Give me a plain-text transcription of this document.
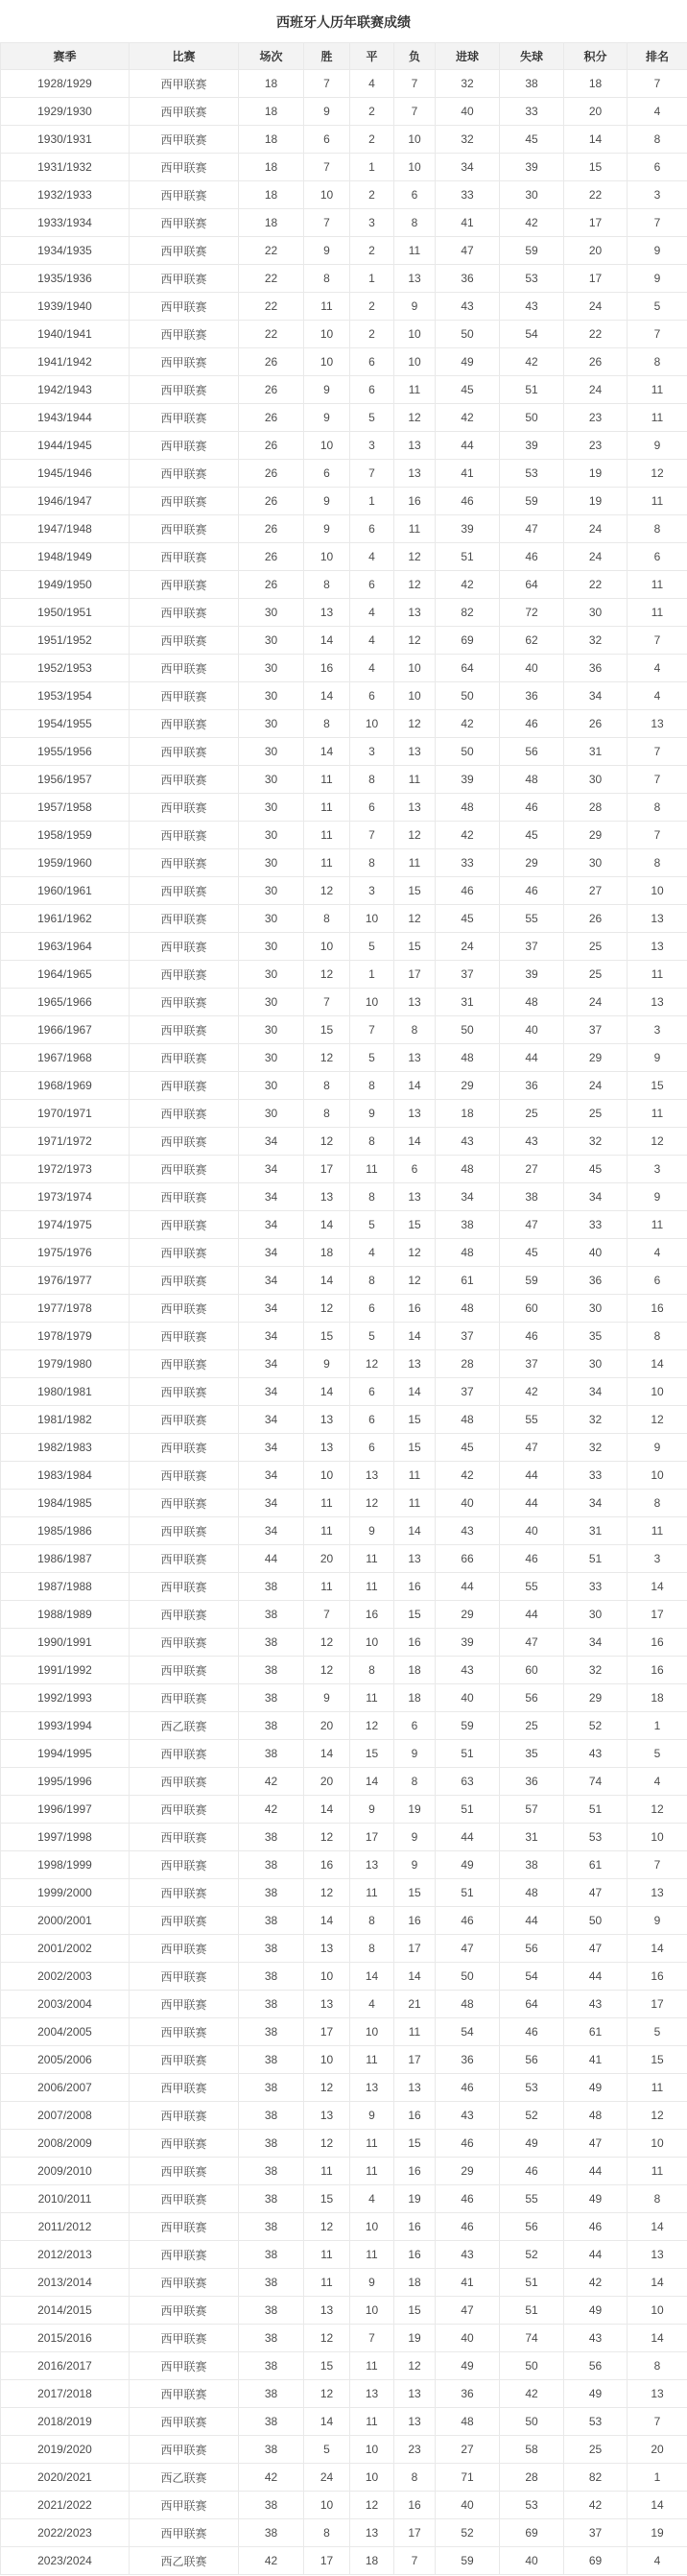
西班牙人历年联赛成绩
赛季	比赛	场次	胜	平	负	进球	失球	积分	排名
1928/1929	西甲联赛	18	7	4	7	32	38	18	7
1929/1930	西甲联赛	18	9	2	7	40	33	20	4
1930/1931	西甲联赛	18	6	2	10	32	45	14	8
1931/1932	西甲联赛	18	7	1	10	34	39	15	6
1932/1933	西甲联赛	18	10	2	6	33	30	22	3
1933/1934	西甲联赛	18	7	3	8	41	42	17	7
1934/1935	西甲联赛	22	9	2	11	47	59	20	9
1935/1936	西甲联赛	22	8	1	13	36	53	17	9
1939/1940	西甲联赛	22	11	2	9	43	43	24	5
1940/1941	西甲联赛	22	10	2	10	50	54	22	7
1941/1942	西甲联赛	26	10	6	10	49	42	26	8
1942/1943	西甲联赛	26	9	6	11	45	51	24	11
1943/1944	西甲联赛	26	9	5	12	42	50	23	11
1944/1945	西甲联赛	26	10	3	13	44	39	23	9
1945/1946	西甲联赛	26	6	7	13	41	53	19	12
1946/1947	西甲联赛	26	9	1	16	46	59	19	11
1947/1948	西甲联赛	26	9	6	11	39	47	24	8
1948/1949	西甲联赛	26	10	4	12	51	46	24	6
1949/1950	西甲联赛	26	8	6	12	42	64	22	11
1950/1951	西甲联赛	30	13	4	13	82	72	30	11
1951/1952	西甲联赛	30	14	4	12	69	62	32	7
1952/1953	西甲联赛	30	16	4	10	64	40	36	4
1953/1954	西甲联赛	30	14	6	10	50	36	34	4
1954/1955	西甲联赛	30	8	10	12	42	46	26	13
1955/1956	西甲联赛	30	14	3	13	50	56	31	7
1956/1957	西甲联赛	30	11	8	11	39	48	30	7
1957/1958	西甲联赛	30	11	6	13	48	46	28	8
1958/1959	西甲联赛	30	11	7	12	42	45	29	7
1959/1960	西甲联赛	30	11	8	11	33	29	30	8
1960/1961	西甲联赛	30	12	3	15	46	46	27	10
1961/1962	西甲联赛	30	8	10	12	45	55	26	13
1963/1964	西甲联赛	30	10	5	15	24	37	25	13
1964/1965	西甲联赛	30	12	1	17	37	39	25	11
1965/1966	西甲联赛	30	7	10	13	31	48	24	13
1966/1967	西甲联赛	30	15	7	8	50	40	37	3
1967/1968	西甲联赛	30	12	5	13	48	44	29	9
1968/1969	西甲联赛	30	8	8	14	29	36	24	15
1970/1971	西甲联赛	30	8	9	13	18	25	25	11
1971/1972	西甲联赛	34	12	8	14	43	43	32	12
1972/1973	西甲联赛	34	17	11	6	48	27	45	3
1973/1974	西甲联赛	34	13	8	13	34	38	34	9
1974/1975	西甲联赛	34	14	5	15	38	47	33	11
1975/1976	西甲联赛	34	18	4	12	48	45	40	4
1976/1977	西甲联赛	34	14	8	12	61	59	36	6
1977/1978	西甲联赛	34	12	6	16	48	60	30	16
1978/1979	西甲联赛	34	15	5	14	37	46	35	8
1979/1980	西甲联赛	34	9	12	13	28	37	30	14
1980/1981	西甲联赛	34	14	6	14	37	42	34	10
1981/1982	西甲联赛	34	13	6	15	48	55	32	12
1982/1983	西甲联赛	34	13	6	15	45	47	32	9
1983/1984	西甲联赛	34	10	13	11	42	44	33	10
1984/1985	西甲联赛	34	11	12	11	40	44	34	8
1985/1986	西甲联赛	34	11	9	14	43	40	31	11
1986/1987	西甲联赛	44	20	11	13	66	46	51	3
1987/1988	西甲联赛	38	11	11	16	44	55	33	14
1988/1989	西甲联赛	38	7	16	15	29	44	30	17
1990/1991	西甲联赛	38	12	10	16	39	47	34	16
1991/1992	西甲联赛	38	12	8	18	43	60	32	16
1992/1993	西甲联赛	38	9	11	18	40	56	29	18
1993/1994	西乙联赛	38	20	12	6	59	25	52	1
1994/1995	西甲联赛	38	14	15	9	51	35	43	5
1995/1996	西甲联赛	42	20	14	8	63	36	74	4
1996/1997	西甲联赛	42	14	9	19	51	57	51	12
1997/1998	西甲联赛	38	12	17	9	44	31	53	10
1998/1999	西甲联赛	38	16	13	9	49	38	61	7
1999/2000	西甲联赛	38	12	11	15	51	48	47	13
2000/2001	西甲联赛	38	14	8	16	46	44	50	9
2001/2002	西甲联赛	38	13	8	17	47	56	47	14
2002/2003	西甲联赛	38	10	14	14	50	54	44	16
2003/2004	西甲联赛	38	13	4	21	48	64	43	17
2004/2005	西甲联赛	38	17	10	11	54	46	61	5
2005/2006	西甲联赛	38	10	11	17	36	56	41	15
2006/2007	西甲联赛	38	12	13	13	46	53	49	11
2007/2008	西甲联赛	38	13	9	16	43	52	48	12
2008/2009	西甲联赛	38	12	11	15	46	49	47	10
2009/2010	西甲联赛	38	11	11	16	29	46	44	11
2010/2011	西甲联赛	38	15	4	19	46	55	49	8
2011/2012	西甲联赛	38	12	10	16	46	56	46	14
2012/2013	西甲联赛	38	11	11	16	43	52	44	13
2013/2014	西甲联赛	38	11	9	18	41	51	42	14
2014/2015	西甲联赛	38	13	10	15	47	51	49	10
2015/2016	西甲联赛	38	12	7	19	40	74	43	14
2016/2017	西甲联赛	38	15	11	12	49	50	56	8
2017/2018	西甲联赛	38	12	13	13	36	42	49	13
2018/2019	西甲联赛	38	14	11	13	48	50	53	7
2019/2020	西甲联赛	38	5	10	23	27	58	25	20
2020/2021	西乙联赛	42	24	10	8	71	28	82	1
2021/2022	西甲联赛	38	10	12	16	40	53	42	14
2022/2023	西甲联赛	38	8	13	17	52	69	37	19
2023/2024	西乙联赛	42	17	18	7	59	40	69	4
